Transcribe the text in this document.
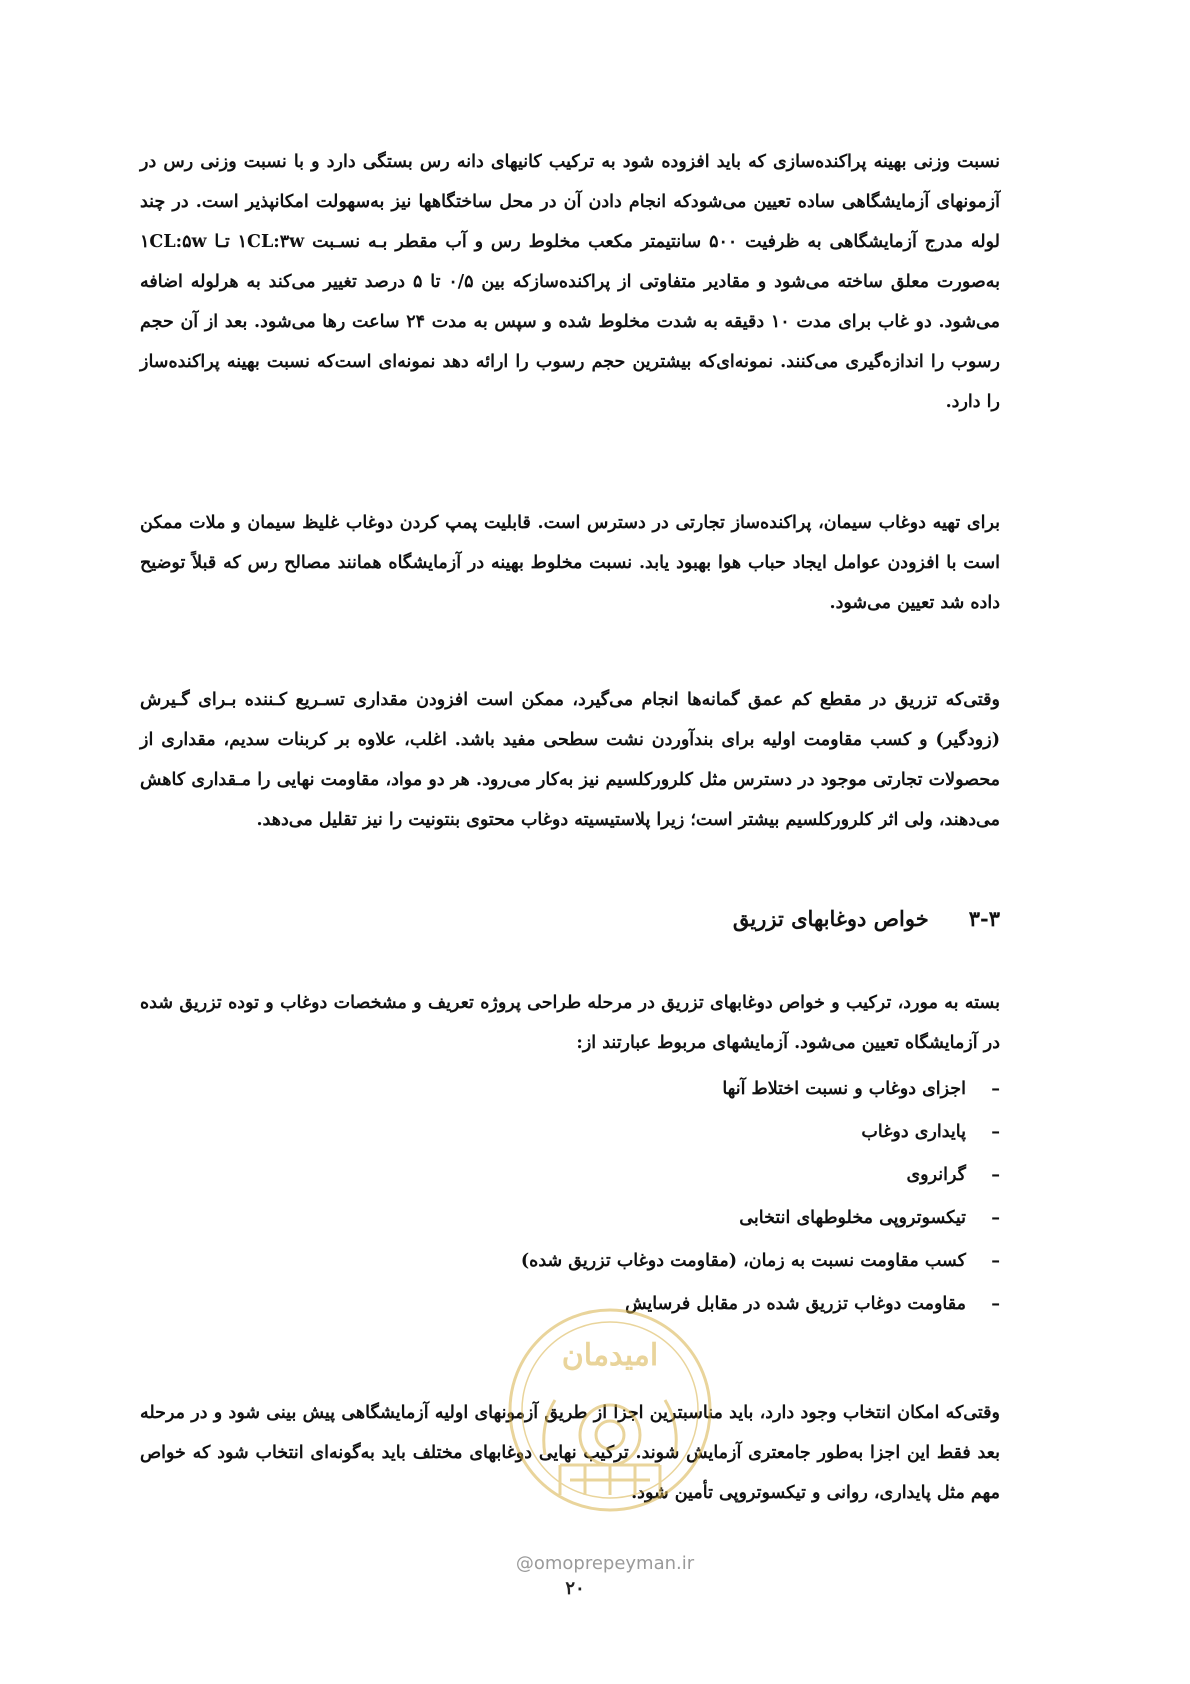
نسبت وزنی بهینه پراکنده‌سازی که باید افزوده شود به ترکیب کانیهای دانه رس بستگی دارد و با نسبت وزنی رس در آزمونهای آزمایشگاهی ساده تعیین می‌شودکه انجام دادن آن در محل ساختگاهها نیز به‌سهولت امکانپذیر است. در چند لوله مدرج آزمایشگاهی به ظرفیت ۵۰۰ سانتیمتر مکعب مخلوط رس و آب مقطر بـه نسـبت ۱CL:۳w تـا ۱CL:۵w به‌صورت معلق ساخته می‌شود و مقادیر متفاوتی از پراکنده‌سازکه بین ۰/۵ تا ۵ درصد تغییر می‌کند به هرلوله اضافه می‌شود. دو غاب برای مدت ۱۰ دقیقه به شدت مخلوط شده و سپس به مدت ۲۴ ساعت رها می‌شود. بعد از آن حجم رسوب را اندازه‌گیری می‌کنند. نمونه‌ای‌که بیشترین حجم رسوب را ارائه دهد نمونه‌ای است‌که نسبت بهینه پراکنده‌ساز را دارد.

برای تهیه دوغاب سیمان، پراکنده‌ساز تجارتی در دسترس است. قابلیت پمپ کردن دوغاب غلیظ سیمان و ملات ممکن است با افزودن عوامل ایجاد حباب هوا بهبود یابد. نسبت مخلوط بهینه در آزمایشگاه همانند مصالح رس که قبلاً توضیح داده شد تعیین می‌شود.

وقتی‌که تزریق در مقطع کم عمق گمانه‌ها انجام می‌گیرد، ممکن است افزودن مقداری تسـریع کـننده بـرای گـیرش (زودگیر) و کسب مقاومت اولیه برای بندآوردن نشت سطحی مفید باشد. اغلب، علاوه بر کربنات سدیم، مقداری از محصولات تجارتی موجود در دسترس مثل کلرورکلسیم نیز به‌کار می‌رود. هر دو مواد، مقاومت نهایی را مـقداری کاهش می‌دهند، ولی اثر کلرورکلسیم بیشتر است؛ زیرا پلاستیسیته دوغاب محتوی بنتونیت را نیز تقلیل می‌دهد.

۳-۳خواص دوغابهای تزریق

بسته به مورد، ترکیب و خواص دوغابهای تزریق در مرحله طراحی پروژه تعریف و مشخصات دوغاب و توده تزریق شده در آزمایشگاه تعیین می‌شود. آزمایشهای مربوط عبارتند از:

–اجزای دوغاب و نسبت اختلاط آنها
–پایداری دوغاب
–گرانروی
–تیکسوتروپی مخلوطهای انتخابی
–کسب مقاومت نسبت به زمان، (مقاومت دوغاب تزریق شده)
–مقاومت دوغاب تزریق شده در مقابل فرسایش

وقتی‌که امکان انتخاب وجود دارد، باید مناسبترین اجزا از طریق آزمونهای اولیه آزمایشگاهی پیش بینی شود و در مرحله بعد فقط این اجزا به‌طور جامعتری آزمایش شوند. ترکیب نهایی دوغابهای مختلف باید به‌گونه‌ای انتخاب شود که خواص مهم مثل پایداری، روانی و تیکسوتروپی تأمین شود.

امیدمان
@omoprepeyman.ir
۲۰
